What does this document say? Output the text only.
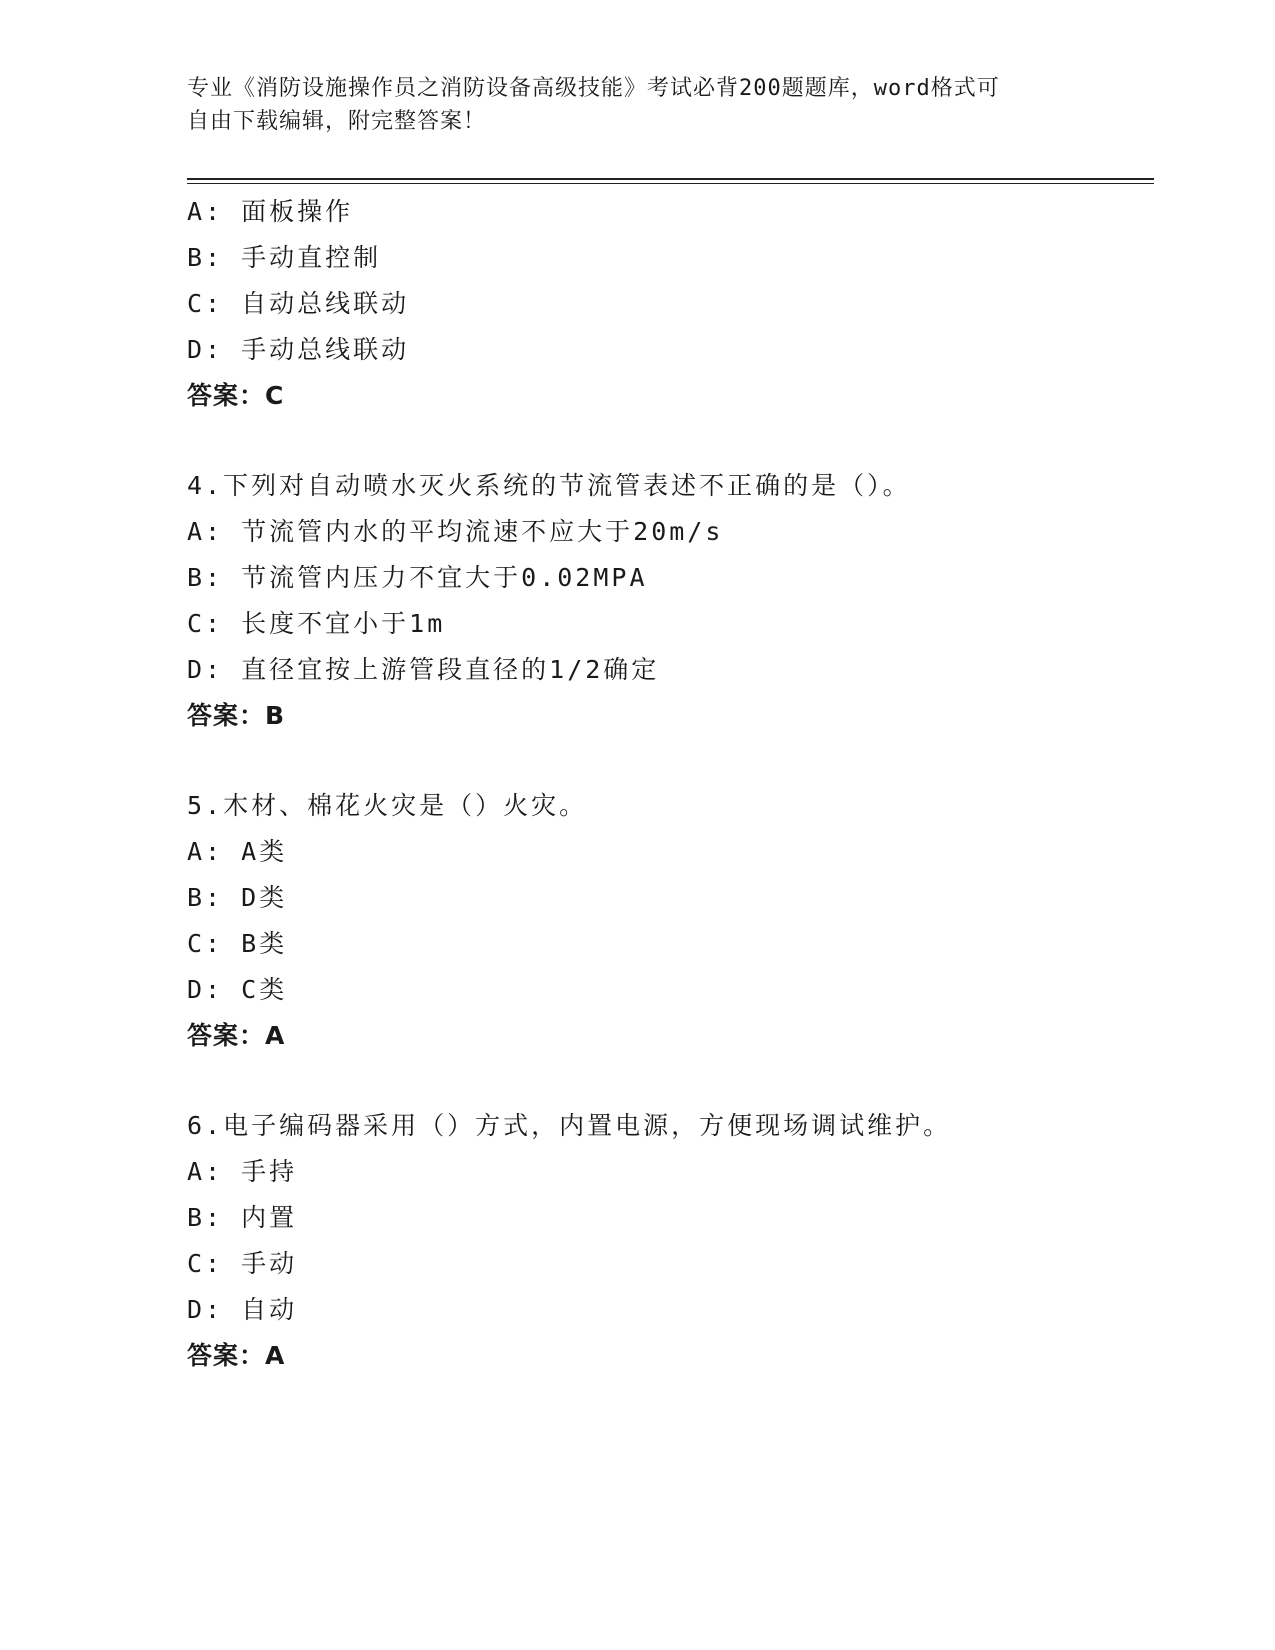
专业《消防设施操作员之消防设备高级技能》考试必背200题题库，word格式可
自由下载编辑，附完整答案！
A: 面板操作
B: 手动直控制
C: 自动总线联动
D: 手动总线联动
答案：C
4.下列对自动喷水灭火系统的节流管表述不正确的是（）。
A: 节流管内水的平均流速不应大于20m/s
B: 节流管内压力不宜大于0.02MPA
C: 长度不宜小于1m
D: 直径宜按上游管段直径的1/2确定
答案：B
5.木材、棉花火灾是（）火灾。
A: A类
B: D类
C: B类
D: C类
答案：A
6.电子编码器采用（）方式，内置电源，方便现场调试维护。
A: 手持
B: 内置
C: 手动
D: 自动
答案：A
